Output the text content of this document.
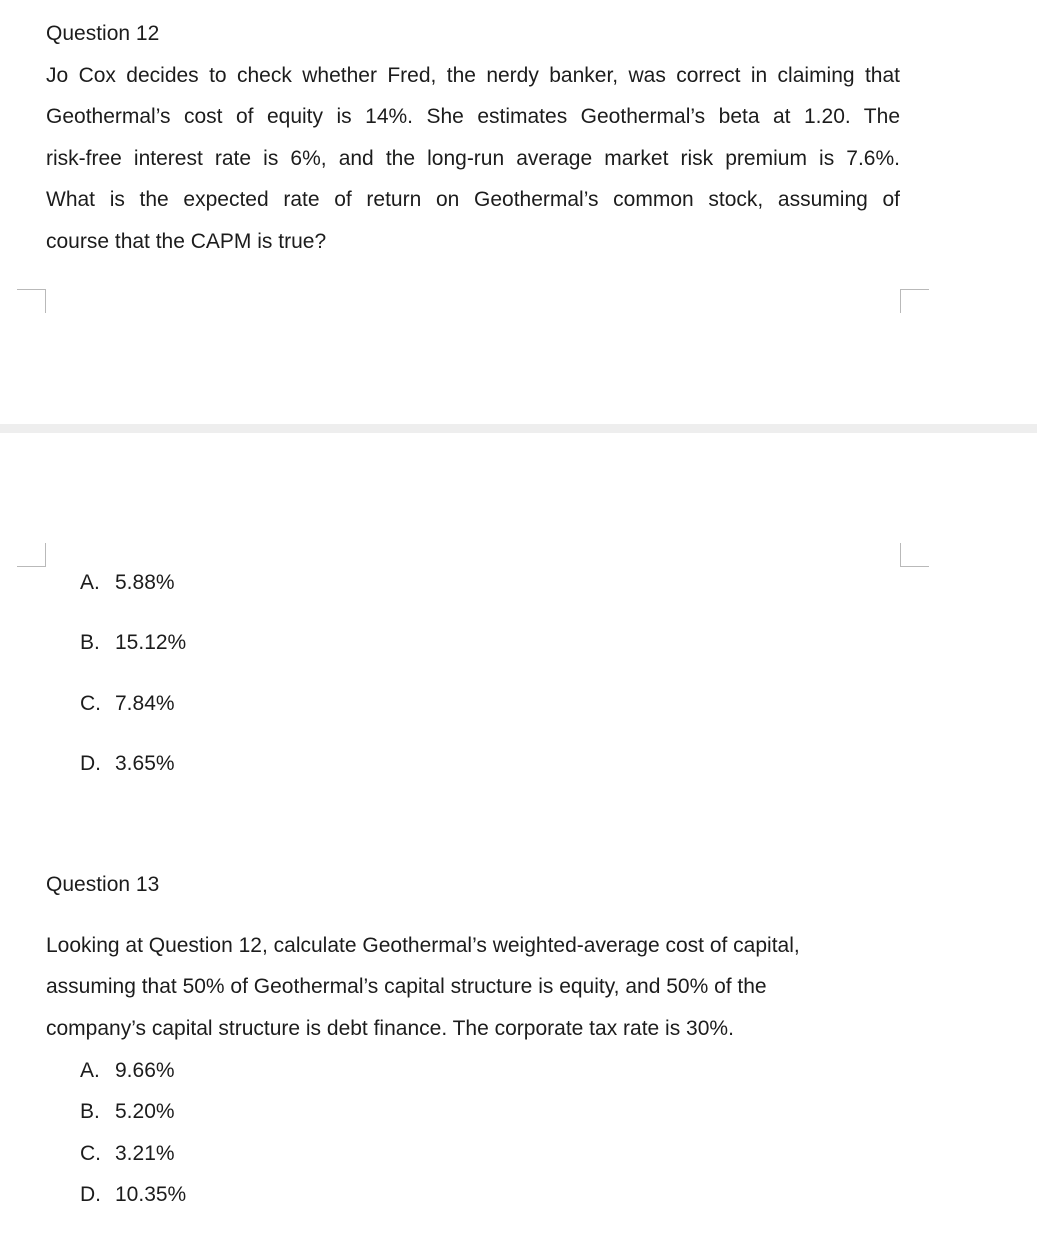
Question 12
Jo Cox decides to check whether Fred, the nerdy banker, was correct in claiming that
Geothermal’s cost of equity is 14%. She estimates Geothermal’s beta at 1.20. The
risk-free interest rate is 6%, and the long-run average market risk premium is 7.6%.
What is the expected rate of return on Geothermal’s common stock, assuming of
course that the CAPM is true?
A. 5.88%
B. 15.12%
C. 7.84%
D. 3.65%
Question 13
Looking at Question 12, calculate Geothermal’s weighted-average cost of capital,
assuming that 50% of Geothermal’s capital structure is equity, and 50% of the
company’s capital structure is debt finance. The corporate tax rate is 30%.
A. 9.66%
B. 5.20%
C. 3.21%
D. 10.35%
